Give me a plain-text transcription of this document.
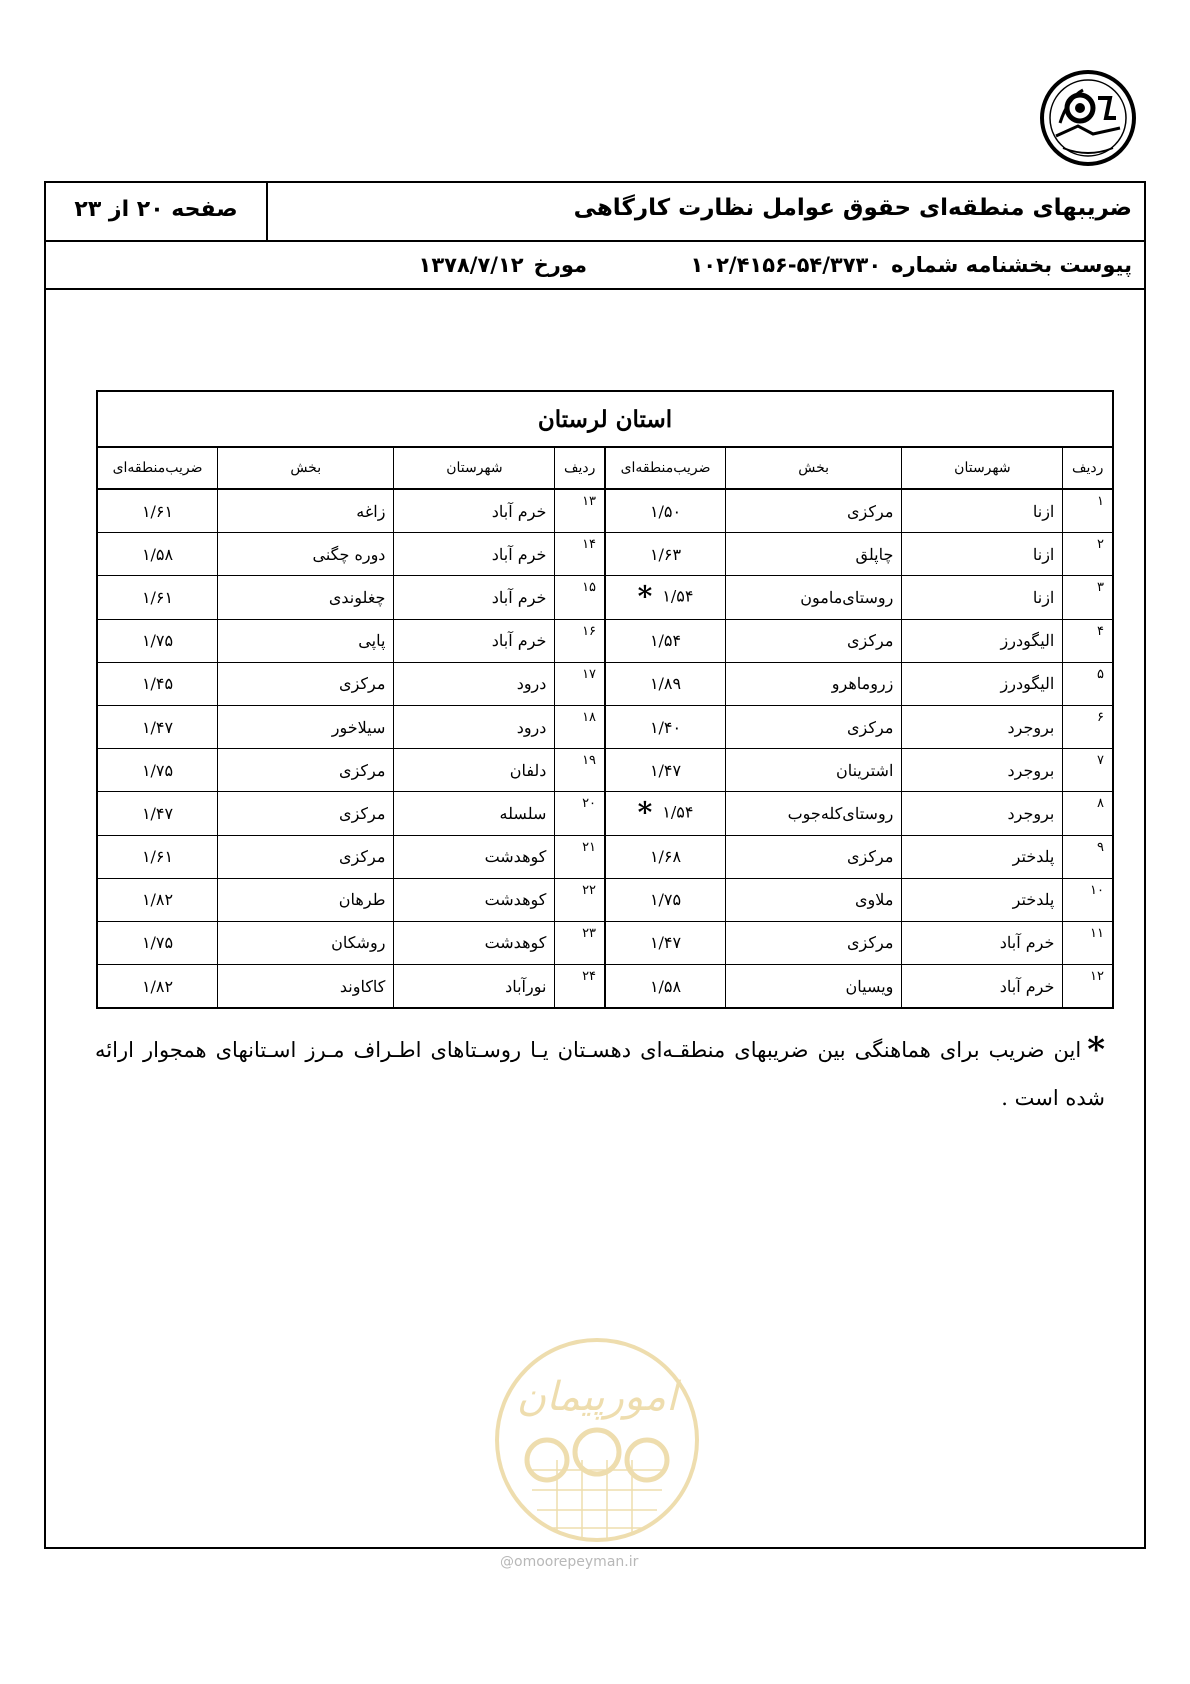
ضریبهای منطقه‌ای حقوق عوامل نظارت کارگاهی
صفحه ۲۰ از ۲۳
پیوست بخشنامه شماره۱۰۲/۴۱۵۶-۵۴/۳۷۳۰
مورخ۱۳۷۸/۷/۱۲
استان لرستان							
ردیف	شهرستان	بخش	ضریب‌منطقه‌ای	ردیف	شهرستان	بخش	ضریب‌منطقه‌ای
۱	ازنا	مرکزی	۱/۵۰	۱۳	خرم آباد	زاغه	۱/۶۱
۲	ازنا	چاپلق	۱/۶۳	۱۴	خرم آباد	دوره چگنی	۱/۵۸
۳	ازنا	روستای‌مامون	۱/۵۴*	۱۵	خرم آباد	چغلوندی	۱/۶۱
۴	الیگودرز	مرکزی	۱/۵۴	۱۶	خرم آباد	پاپی	۱/۷۵
۵	الیگودرز	زروماهرو	۱/۸۹	۱۷	درود	مرکزی	۱/۴۵
۶	بروجرد	مرکزی	۱/۴۰	۱۸	درود	سیلاخور	۱/۴۷
۷	بروجرد	اشترینان	۱/۴۷	۱۹	دلفان	مرکزی	۱/۷۵
۸	بروجرد	روستای‌کله‌جوب	۱/۵۴*	۲۰	سلسله	مرکزی	۱/۴۷
۹	پلدختر	مرکزی	۱/۶۸	۲۱	کوهدشت	مرکزی	۱/۶۱
۱۰	پلدختر	ملاوی	۱/۷۵	۲۲	کوهدشت	طرهان	۱/۸۲
۱۱	خرم آباد	مرکزی	۱/۴۷	۲۳	کوهدشت	روشکان	۱/۷۵
۱۲	خرم آباد	ویسیان	۱/۵۸	۲۴	نورآباد	کاکاوند	۱/۸۲
*این ضریب برای هماهنگی بین ضریبهای منطقـه‌ای دهسـتان یـا روسـتاهای اطـراف مـرز اسـتانهای همجوار ارائه شده است .
امورپیمان
@omoorepeyman.ir
